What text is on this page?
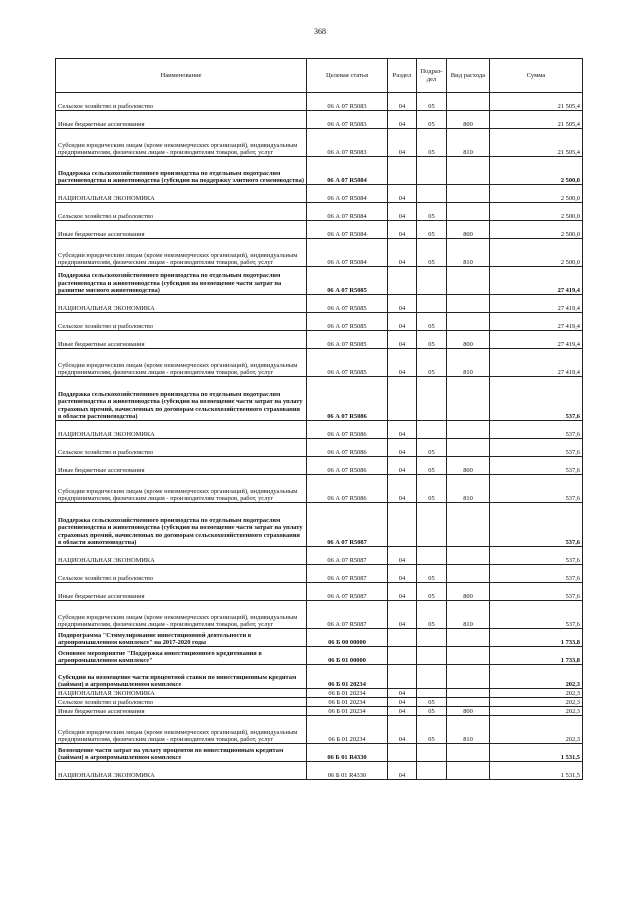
368
Наименование	Целевая статья	Раздел	Подраз-дел	Вид расхода	Сумма
Сельское хозяйство и рыболовство	06 А 07 R5083	04	05		21 505,4
Иные бюджетные ассигнования	06 А 07 R5083	04	05	800	21 505,4
Субсидии юридическим лицам (кроме некоммерческих организаций), индивидуальным предпринимателям, физическим лицам - производителям товаров, работ, услуг	06 А 07 R5083	04	05	810	21 505,4
Поддержка сельскохозяйственного производства по отдельным подотраслям растениеводства и животноводства (субсидии на поддержку элитного семеноводства)	06 А 07 R5084				2 500,0
НАЦИОНАЛЬНАЯ ЭКОНОМИКА	06 А 07 R5084	04			2 500,0
Сельское хозяйство и рыболовство	06 А 07 R5084	04	05		2 500,0
Иные бюджетные ассигнования	06 А 07 R5084	04	05	800	2 500,0
Субсидии юридическим лицам (кроме некоммерческих организаций), индивидуальным предпринимателям, физическим лицам - производителям товаров, работ, услуг	06 А 07 R5084	04	05	810	2 500,0
Поддержка сельскохозяйственного производства по отдельным подотраслям растениеводства и животноводства (субсидии на возмещение части затрат на развитие мясного животноводства)	06 А 07 R5085				27 419,4
НАЦИОНАЛЬНАЯ ЭКОНОМИКА	06 А 07 R5085	04			27 419,4
Сельское хозяйство и рыболовство	06 А 07 R5085	04	05		27 419,4
Иные бюджетные ассигнования	06 А 07 R5085	04	05	800	27 419,4
Субсидии юридическим лицам (кроме некоммерческих организаций), индивидуальным предпринимателям, физическим лицам - производителям товаров, работ, услуг	06 А 07 R5085	04	05	810	27 419,4
Поддержка сельскохозяйственного производства по отдельным подотраслям растениеводства и животноводства (субсидии на возмещение части затрат на уплату страховых премий, начисленных по договорам сельскохозяйственного страхования в области растениеводства)	06 А 07 R5086				537,6
НАЦИОНАЛЬНАЯ ЭКОНОМИКА	06 А 07 R5086	04			537,6
Сельское хозяйство и рыболовство	06 А 07 R5086	04	05		537,6
Иные бюджетные ассигнования	06 А 07 R5086	04	05	800	537,6
Субсидии юридическим лицам (кроме некоммерческих организаций), индивидуальным предпринимателям, физическим лицам - производителям товаров, работ, услуг	06 А 07 R5086	04	05	810	537,6
Поддержка сельскохозяйственного производства по отдельным подотраслям растениеводства и животноводства (субсидии на возмещение части затрат на уплату страховых премий, начисленных по договорам сельскохозяйственного страхования в области животноводства)	06 А 07 R5087				537,6
НАЦИОНАЛЬНАЯ ЭКОНОМИКА	06 А 07 R5087	04			537,6
Сельское хозяйство и рыболовство	06 А 07 R5087	04	05		537,6
Иные бюджетные ассигнования	06 А 07 R5087	04	05	800	537,6
Субсидии юридическим лицам (кроме некоммерческих организаций), индивидуальным предпринимателям, физическим лицам - производителям товаров, работ, услуг	06 А 07 R5087	04	05	810	537,6
Подпрограмма "Стимулирование инвестиционной деятельности в агропромышленном комплексе" на 2017-2020 годы	06 Б 00 00000				1 733,8
Основное мероприятие "Поддержка инвестиционного кредитования в агропромышленном комплексе"	06 Б 01 00000				1 733,8
Субсидии на возмещение части процентной ставки по инвестиционным кредитам (займам) в агропромышленном комплексе	06 Б 01 20234				202,3
НАЦИОНАЛЬНАЯ ЭКОНОМИКА	06 Б 01 20234	04			202,3
Сельское хозяйство и рыболовство	06 Б 01 20234	04	05		202,3
Иные бюджетные ассигнования	06 Б 01 20234	04	05	800	202,3
Субсидии юридическим лицам (кроме некоммерческих организаций), индивидуальным предпринимателям, физическим лицам - производителям товаров, работ, услуг	06 Б 01 20234	04	05	810	202,3
Возмещение части затрат на уплату процентов по инвестиционным кредитам (займам) в агропромышленном комплексе	06 Б 01 R4330				1 531,5
НАЦИОНАЛЬНАЯ ЭКОНОМИКА	06 Б 01 R4330	04			1 531,5
